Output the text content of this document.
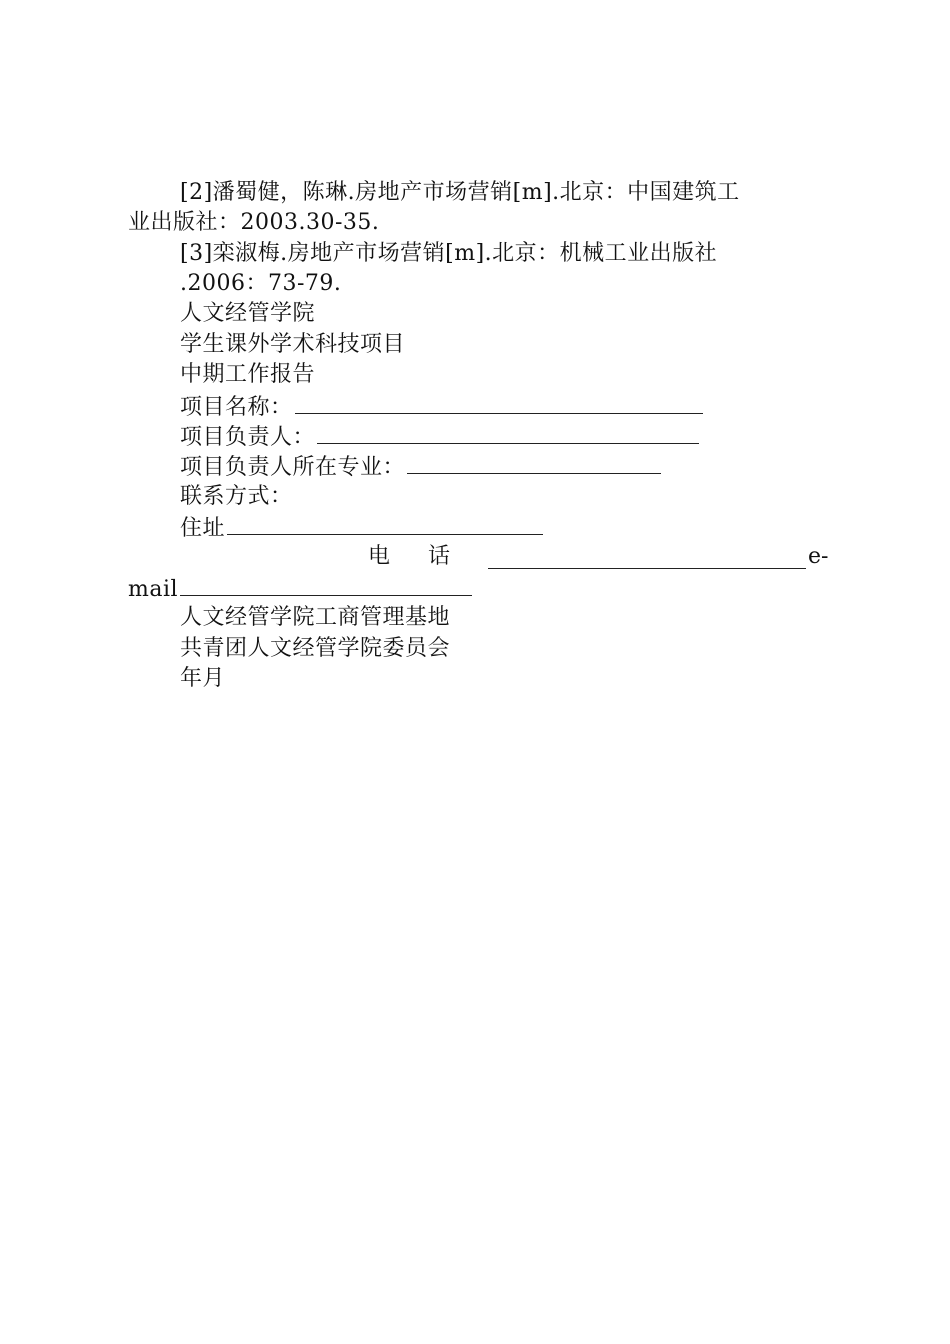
[2]潘蜀健，陈琳.房地产市场营销[m].北京：中国建筑工
业出版社：2003.30-35.
[3]栾淑梅.房地产市场营销[m].北京：机械工业出版社
.2006：73-79.
人文经管学院
学生课外学术科技项目
中期工作报告
项目名称：
项目负责人：
项目负责人所在专业：
联系方式：
住址
电 话	e-
mail
人文经管学院工商管理基地
共青团人文经管学院委员会
年月
